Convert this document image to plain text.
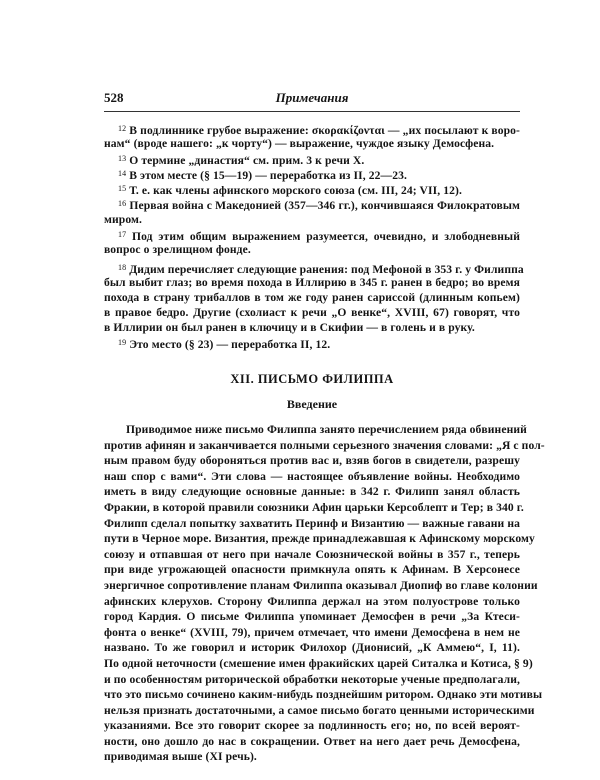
528	Примечания
$^{12}$ В подлиннике грубое выражение: σκορακίζονται — „их посылают к воро-
нам“ (вроде нашего: „к чорту“) — выражение, чуждое языку Демосфена.
$^{13}$ О термине „династия“ см. прим. 3 к речи X.
$^{14}$ В этом месте (§ 15—19) — переработка из II, 22—23.
$^{15}$ Т. е. как члены афинского морского союза (см. III, 24; VII, 12).
$^{16}$ Первая война с Македонией (357—346 гг.), кончившаяся Филократовым
миром.
$^{17}$ Под этим общим выражением разумеется, очевидно, и злободневный
вопрос о зрелищном фонде.
$^{18}$ Дидим перечисляет следующие ранения: под Мефоной в 353 г. у Филиппа
был выбит глаз; во время похода в Иллирию в 345 г. ранен в бедро; во время
похода в страну трибаллов в том же году ранен сариссой (длинным копьем)
в правое бедро. Другие (схолиаст к речи „О венке“, XVIII, 67) говорят, что
в Иллирии он был ранен в ключицу и в Скифии — в голень и в руку.
$^{19}$ Это место (§ 23) — переработка II, 12.
XII. ПИСЬМО ФИЛИППА
Введение
Приводимое ниже письмо Филиппа занято перечислением ряда обвинений
против афинян и заканчивается полными серьезного значения словами: „Я с пол-
ным правом буду обороняться против вас и, взяв богов в свидетели, разрешу
наш спор с вами“. Эти слова — настоящее объявление войны. Необходимо
иметь в виду следующие основные данные: в 342 г. Филипп занял область
Фракии, в которой правили союзники Афин царьки Керсоблепт и Тер; в 340 г.
Филипп сделал попытку захватить Перинф и Византию — важные гавани на
пути в Черное море. Византия, прежде принадлежавшая к Афинскому морскому
союзу и отпавшая от него при начале Союзнической войны в 357 г., теперь
при виде угрожающей опасности примкнула опять к Афинам. В Херсонесе
энергичное сопротивление планам Филиппа оказывал Диопиф во главе колонии
афинских клерухов. Сторону Филиппа держал на этом полуострове только
город Кардия. О письме Филиппа упоминает Демосфен в речи „За Ктеси-
фонта о венке“ (XVIII, 79), причем отмечает, что имени Демосфена в нем не
названо. То же говорил и историк Филохор (Дионисий, „К Аммею“, I, 11).
По одной неточности (смешение имен фракийских царей Ситалка и Котиса, § 9)
и по особенностям риторической обработки некоторые ученые предполагали,
что это письмо сочинено каким-нибудь позднейшим ритором. Однако эти мотивы
нельзя признать достаточными, а самое письмо богато ценными историческими
указаниями. Все это говорит скорее за подлинность его; но, по всей вероят-
ности, оно дошло до нас в сокращении. Ответ на него дает речь Демосфена,
приводимая выше (XI речь).
